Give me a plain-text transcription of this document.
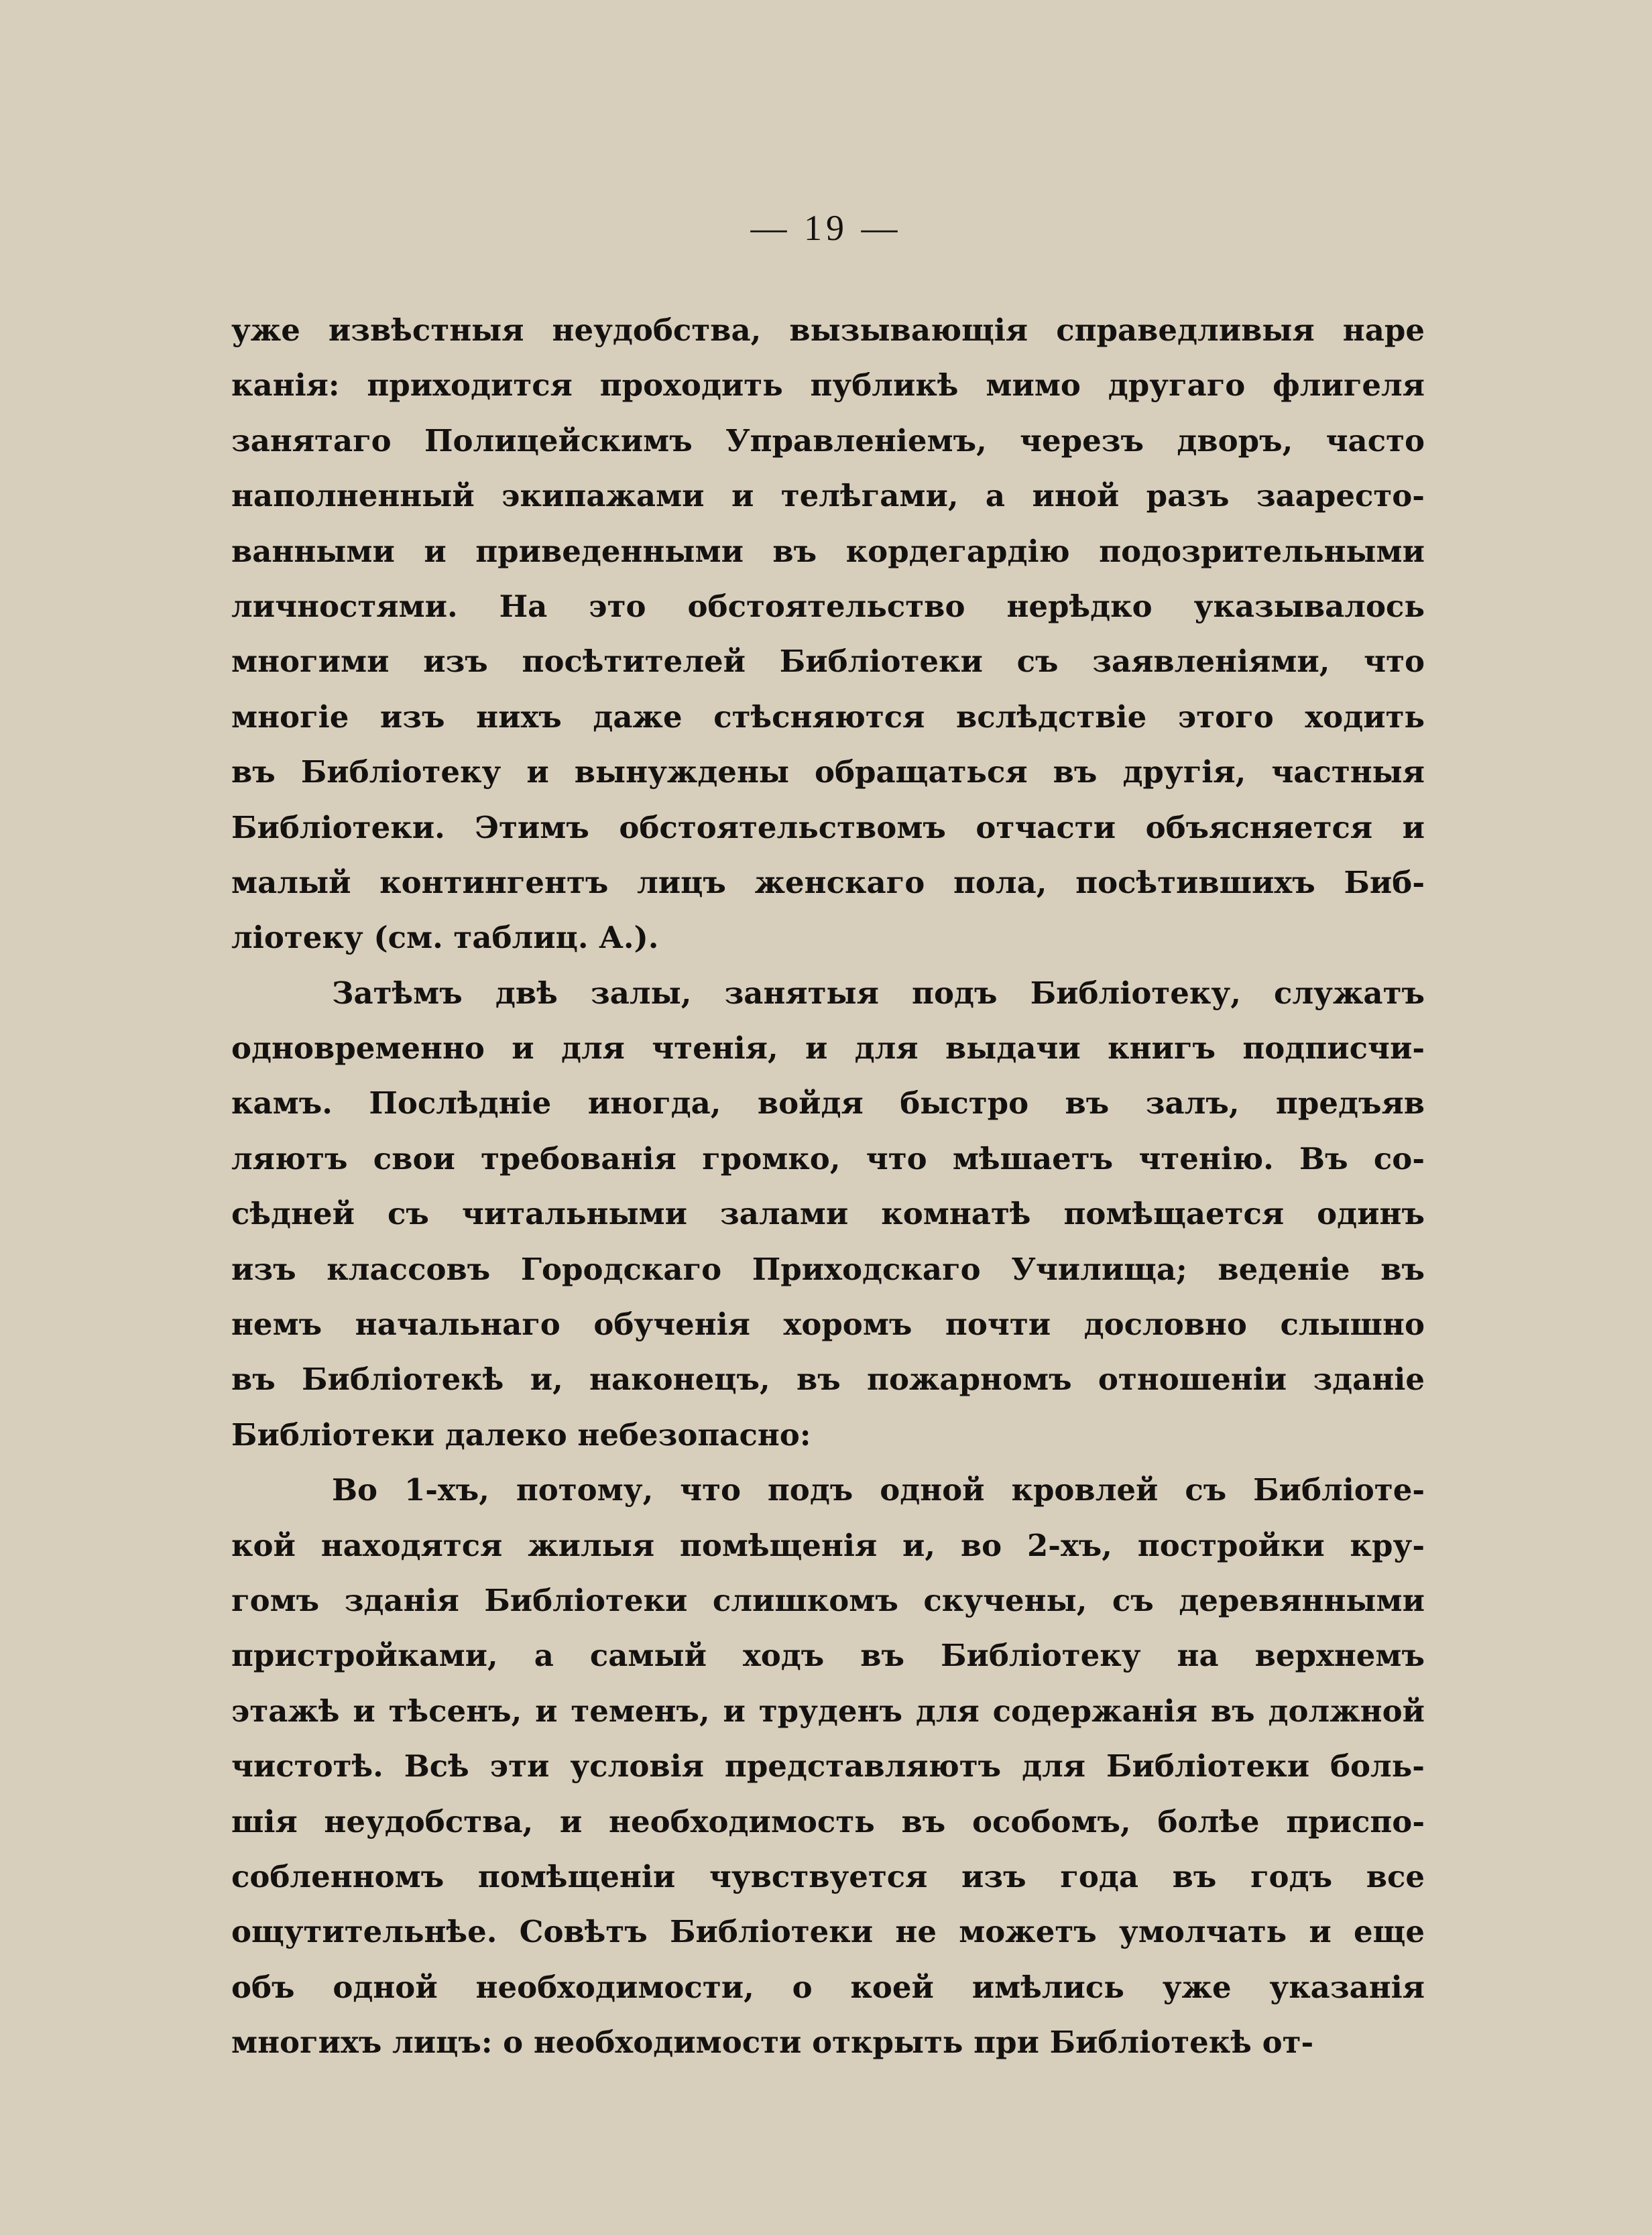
— 19 —
уже извѣстныя неудобства, вызывающія справедливыя наре
канія: приходится проходить публикѣ мимо другаго флигеля
занятаго Полицейскимъ Управленіемъ, черезъ дворъ, часто
наполненный экипажами и телѣгами, а иной разъ заaресто-
ванными и приведенными въ кордегардію подозрительными
личностями. На это обстоятельство нерѣдко указывалось
многими изъ посѣтителей Библіотеки съ заявленіями, что
многіе изъ нихъ даже стѣсняются вслѣдствіе этого ходить
въ Библіотеку и вынуждены обращаться въ другія, частныя
Библіотеки. Этимъ обстоятельствомъ отчасти объясняется и
малый контингентъ лицъ женскаго пола, посѣтившихъ Биб-
ліотеку (см. таблиц. А.).
Затѣмъ двѣ залы, занятыя подъ Библіотеку, служатъ
одновременно и для чтенія, и для выдачи книгъ подписчи-
камъ. Послѣдніе иногда, войдя быстро въ залъ, предъяв
ляютъ свои требованія громко, что мѣшаетъ чтенію. Въ со-
сѣдней съ читальными залами комнатѣ помѣщается одинъ
изъ классовъ Городскаго Приходскаго Училища; веденіе въ
немъ начальнаго обученія хоромъ почти дословно слышно
въ Библіотекѣ и, наконецъ, въ пожарномъ отношеніи зданіе
Библіотеки далеко небезопасно:
Во 1-хъ, потому, что подъ одной кровлей съ Библіоте-
кой находятся жилыя помѣщенія и, во 2-хъ, постройки кру-
гомъ зданія Библіотеки слишкомъ скучены, съ деревянными
пристройками, а самый ходъ въ Библіотеку на верхнемъ
этажѣ и тѣсенъ, и теменъ, и труденъ для содержанія въ должной
чистотѣ. Всѣ эти условія представляютъ для Библіотеки боль-
шія неудобства, и необходимость въ особомъ, болѣе приспо-
собленномъ помѣщеніи чувствуется изъ года въ годъ все
ощутительнѣе. Совѣтъ Библіотеки не можетъ умолчать и еще
объ одной необходимости, о коей имѣлись уже указанія
многихъ лицъ: о необходимости открыть при Библіотекѣ от-
